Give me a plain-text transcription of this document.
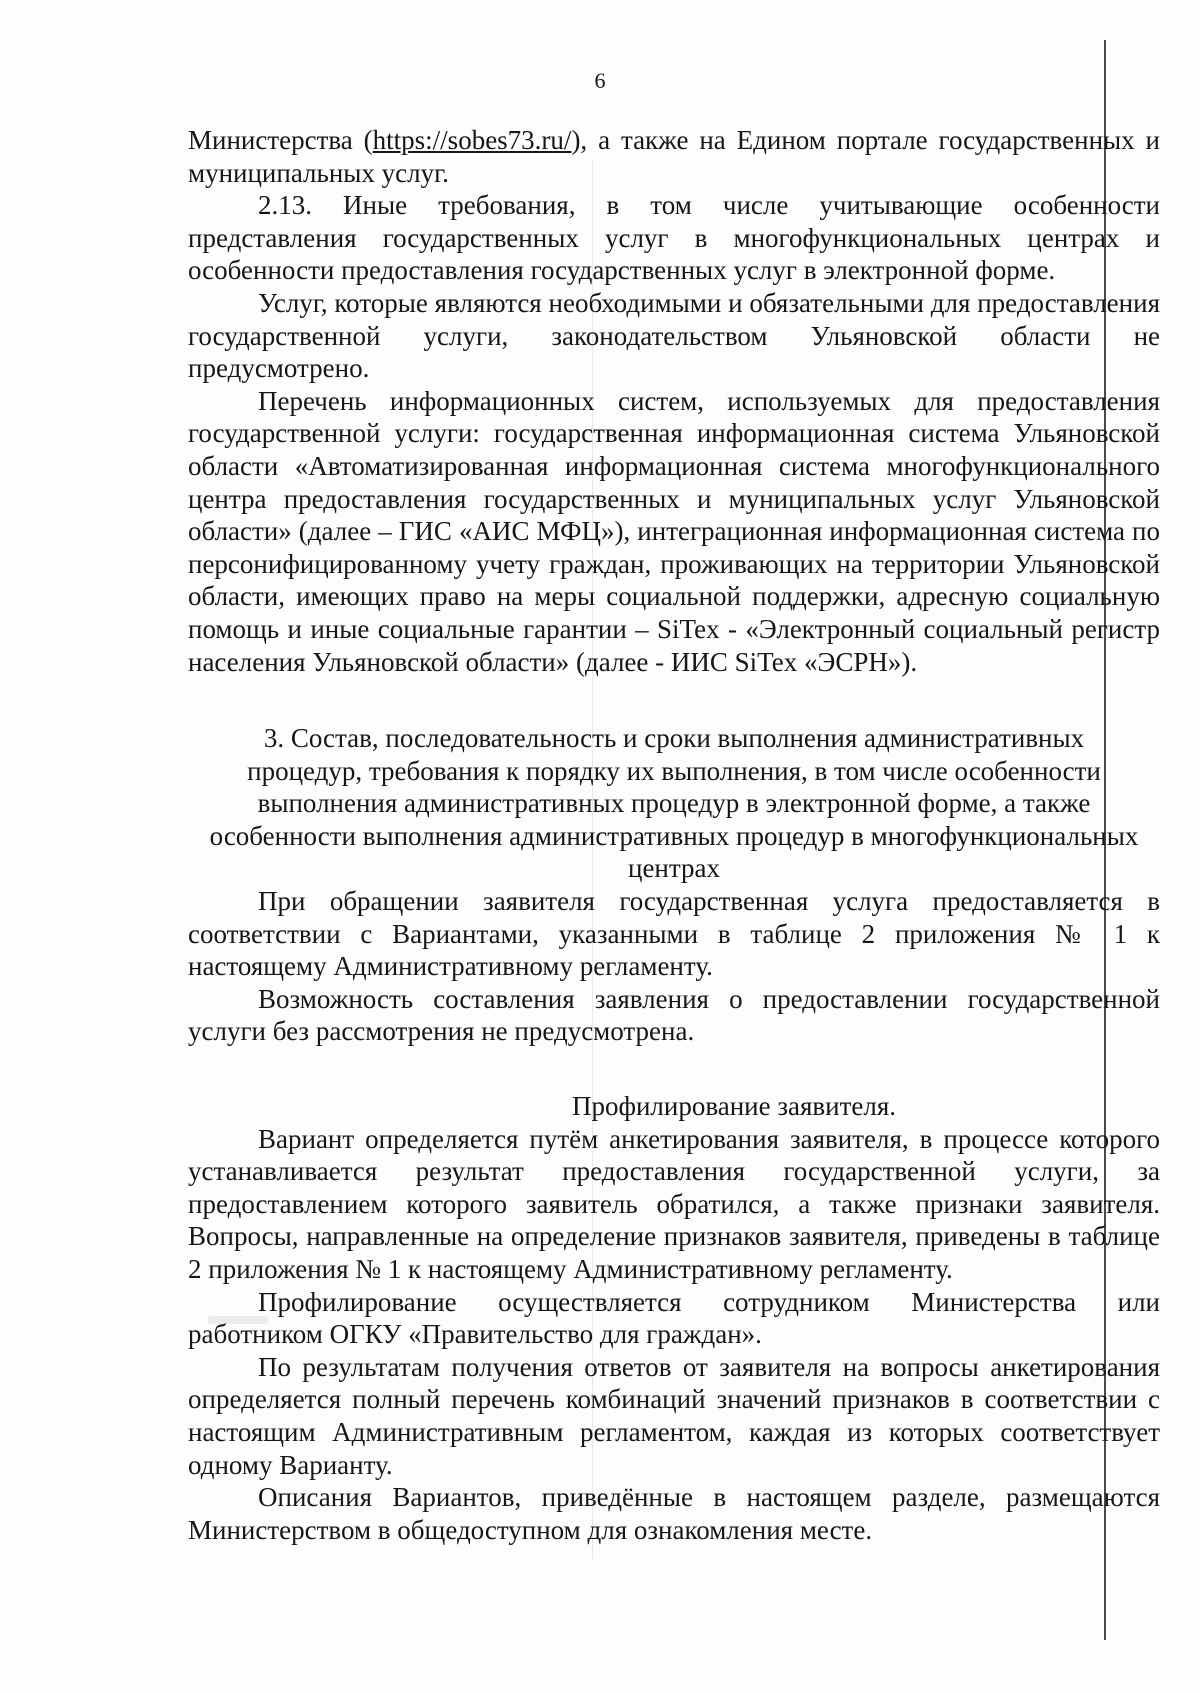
6

Министерства (https://sobes73.ru/), а также на Едином портале государственных и муниципальных услуг.

2.13. Иные требования, в том числе учитывающие особенности представления государственных услуг в многофункциональных центрах и особенности предоставления государственных услуг в электронной форме.

Услуг, которые являются необходимыми и обязательными для предоставления государственной услуги, законодательством Ульяновской области не предусмотрено.

Перечень информационных систем, используемых для предоставления государственной услуги: государственная информационная система Ульяновской области «Автоматизированная информационная система многофункционального центра предоставления государственных и муниципальных услуг Ульяновской области» (далее – ГИС «АИС МФЦ»), интеграционная информационная система по персонифицированному учету граждан, проживающих на территории Ульяновской области, имеющих право на меры социальной поддержки, адресную социальную помощь и иные социальные гарантии – SiTex - «Электронный социальный регистр населения Ульяновской области» (далее - ИИС SiTex «ЭСРН»).

3. Состав, последовательность и сроки выполнения административных процедур, требования к порядку их выполнения, в том числе особенности выполнения административных процедур в электронной форме, а также особенности выполнения административных процедур в многофункциональных центрах

При обращении заявителя государственная услуга предоставляется в соответствии с Вариантами, указанными в таблице 2 приложения № 1 к настоящему Административному регламенту.

Возможность составления заявления о предоставлении государственной услуги без рассмотрения не предусмотрена.

Профилирование заявителя.

Вариант определяется путём анкетирования заявителя, в процессе которого устанавливается результат предоставления государственной услуги, за предоставлением которого заявитель обратился, а также признаки заявителя. Вопросы, направленные на определение признаков заявителя, приведены в таблице 2 приложения № 1 к настоящему Административному регламенту.

Профилирование осуществляется сотрудником Министерства или работником ОГКУ «Правительство для граждан».

По результатам получения ответов от заявителя на вопросы анкетирования определяется полный перечень комбинаций значений признаков в соответствии с настоящим Административным регламентом, каждая из которых соответствует одному Варианту.

Описания Вариантов, приведённые в настоящем разделе, размещаются Министерством в общедоступном для ознакомления месте.
